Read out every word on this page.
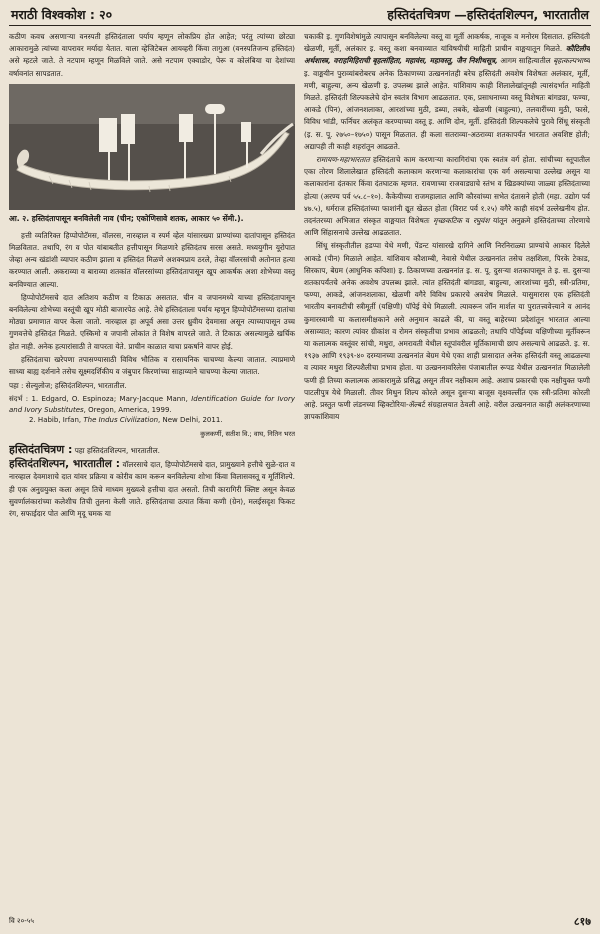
मराठी विश्वकोश : २०	हस्तिदंतचित्रण —हस्तिदंतशिल्पन, भारतातील

कठीण कवच असणाऱ्या वनस्पती हस्तिदंताला पर्याय म्हणून लोकप्रिय होत आहेत; परंतु त्यांच्या छोट्या आकारामुळे त्यांच्या वापरावर मर्यादा येतात. याला व्हेजिटेबल आयव्हरी किंवा तागुआ (वनस्पतिजन्य हस्तिदंत) असे म्हटले जाते. ते नटपाम म्हणून मिळविले जाते. असे नटपाम एक्वाडोर, पेरू व कोलंबिया या देशांच्या वर्षावनांत सापडतात.

आ. २. हस्तिदंतापासून बनविलेली नाव (चीन; एकोणिसावे शतक, आकार ५० सेंमी.).

हत्ती व्यतिरिक्त हिप्पोपोटॅमस, वॉलरस, नारव्हाल व स्पर्म व्हेल यांसारख्या प्राण्यांच्या दातांपासून हस्तिदंत मिळवितात. तथापि, रंग व पोत यांबाबतीत हत्तीपासून मिळणारे हस्तिदंतच सरस असते. मध्ययुगीन यूरोपात जेव्हा अन्य खंडांशी व्यापार कठीण झाला व हस्तिदंत मिळणे अशक्यप्राय ठरले, तेव्हा वॉलरसांची अतोनात हत्या करण्यात आली. अकराव्या व बाराव्या शतकांत वॉलरसांच्या हस्तिदंतापासून खूप आकर्षक अशा शोभेच्या वस्तू बनविण्यात आल्या.

हिप्पोपोटॅमसचे दात अतिशय कठीण व टिकाऊ असतात. चीन व जपानमध्ये याच्या हस्तिदंतापासून बनविलेल्या शोभेच्या वस्तूंची खूप मोठी बाजारपेठ आहे. तेथे हस्तिदंताला पर्याय म्हणून हिप्पोपोटॅमसच्या दातांचा मोठ्या प्रमाणात वापर केला जातो. नारव्हाल हा अपूर्व असा उत्तर ध्रुवीय देवमासा असून त्याच्यापासून उच्च गुणवत्तेचे हस्तिदंत मिळते. एस्किमो व जपानी लोकांत ते विशेष वापरले जाते. ते टिकाऊ असल्यामुळे खर्चिक होत नाही. अनेक हत्यारांसाठी ते वापरता येते. प्राचीन काळात याचा प्रकर्षाने वापर होई.

हस्तिदंताचा खरेपणा तपासण्यासाठी विविध भौतिक व रासायनिक चाचण्या केल्या जातात. त्याप्रमाणे साध्या बाह्य दर्शनाने तसेच सूक्ष्मदर्शिकीय व जंबुपार किरणांच्या साहाय्याने चाचण्या केल्या जातात.

पहा : सेल्युलोज; हस्तिदंतशिल्पन, भारतातील.
संदर्भ : 1. Edgard, O. Espinoza; Mary-Jacque Mann, Identification Guide for Ivory and Ivory Substitutes, Oregon, America, 1999.
2. Habib, Irfan, The Indus Civilization, New Delhi, 2011.
कुलकर्णी, सतीश वि.; वाघ, नितिन भरत

हस्तिदंतचित्रण : पहा हस्तिदंतशिल्पन, भारतातील.

हस्तिदंतशिल्पन, भारतातील : वॉलरसाचे दात, हिप्पोपोटॅमसचे दात, प्रामुख्याने हत्तीचे सुळे-दात व नारव्हाल देवमाशाचे दात यांवर प्रक्रिया व कोरीव काम करून बनविलेल्या शोभा किंवा विलासवस्तू व मूर्तिशिल्पे. ही एक अनुग्रयुक्त कला असून तिचे माध्यम मुख्यत्वे हत्तीचा दात असतो. तिची कारागिरी क्लिष्ट असून केवळ सुवर्णालंकारांच्या कलेशीच तिची तुलना केली जाते. हस्तिदंताचा उत्पात किंवा कणी (ग्रेन), मलईसदृश फिकट रंग, सफाईदार पोत आणि मृदू चमक या

चकाकी इ. गुणविशेषांमुळे त्यापासून बनविलेल्या वस्तू वा मूर्ती आकर्षक, नाजूक व मनोरम दिसतात. हस्तिदंती खेळणी, मूर्ती, अलंकार इ. वस्तू कशा बनवाव्यात यांविषयीची माहिती प्राचीन वाङ्मयातून मिळते. कौटिलीय अर्थशास्त्र, वराहमिहिराची बृहत्संहिता, महावंस, महावस्तू, जैन निशीथसूत्र, आगम साहित्यातील बृहत्कल्पभाष्य इ. वाङ्मयीन पुराव्यांबरोबरच अनेक ठिकाणच्या उत्खननांतही बरेच हस्तिदंती अवशेष विशेषतः अलंकार, मूर्ती, मणी, बाहुल्या, अन्य खेळणी इ. उपलब्ध झाले आहेत. यांशिवाय काही शिलालेखांतूनही त्यासंदर्भात माहिती मिळते. हस्तिदंती शिल्पकलेचे दोन स्वतंत्र विभाग आढळतात. एक, प्रसाधनाच्या वस्तू विशेषतः बांगड्या, फण्या, आकडे (पिन), आंजनशलाका, आरशांच्या मुठी, डब्या, तबके, खेळणी (बाहुल्या), तलवारींच्या मुठी, फासे, विविध भांडी, फर्निचर अलंकृत करण्याच्या वस्तू इ. आणि दोन, मूर्ती. हस्तिदंती शिल्पकलेचे पुरावे सिंधू संस्कृती (इ. स. पू. २७५०–१७५०) पासून मिळतात. ही कला सतराव्या-अठराव्या शतकापर्यंत भारतात अवशिष्ट होती; अद्यापही ती काही शहरांतून आढळते.

रामायण-महाभारतात हस्तिदंताचे काम करणाऱ्या कारागिरांचा एक स्वतंत्र वर्ग होता. सांचीच्या स्तूपातील एका तोरण शिलालेखात हस्तिदंती कलाकाम करणाऱ्या कलाकारांचा एक वर्ग असल्याचा उल्लेख असून या कलाकारांना दंतकार किंवा दंतघाटक म्हणत. रावणाच्या राजवाड्याचे स्तंभ व खिडक्यांच्या जाळ्या हस्तिदंताच्या होत्या (अरण्य पर्व ५५.८–१०). कैकेयीच्या राजमहालात आणि कौरवांच्या सभेत दंतासने होती (महा. उद्योग पर्व ४७.५), धर्मराज हस्तिदंतांच्या फाशांनी द्यूत खेळत होता (विराट पर्व १.२५) वगैरे काही संदर्भ उल्लेखनीय होत. तदनंतरच्या अभिजात संस्कृत वाङ्मयात विशेषतः मृच्छकटिक व रघुवंश यांतून अनुक्रमे हस्तिदंताच्या तोरणाचे आणि सिंहासनाचे उल्लेख आढळतात.

सिंधू संस्कृतीतील हडप्पा येथे मणी, पेंडन्ट यांसारखे दागिने आणि निरनिराळ्या प्राण्यांचे आकार दिलेले आकडे (पीन) मिळाले आहेत. यांशिवाय कौशाम्बी, नेवासे येथील उत्खननांत तसेच तक्षशिला, पिरके टेकाड, सिरकाप, बेग्रम (आधुनिक कपिशा) इ. ठिकाणच्या उत्खननांत इ. स. पू. दुसऱ्या शतकापासून ते इ. स. दुसऱ्या शतकापर्यंतचे अनेक अवशेष उपलब्ध झाले. त्यांत हस्तिदंती बांगड्या, बाहुल्या, आरशांच्या मुठी, स्त्री-प्रतिमा, फण्या, आकडे, आंजनशलाका, खेळणी वगैरे विविध प्रकारचे अवशेष मिळाले. यासुमारास एक हस्तिदंती भारतीय बनावटीची स्त्रीमूर्ती (यक्षिणी) पॉपेई येथे मिळाली. त्यावरून जॉन मार्शल या पुरातत्त्ववेत्त्याने व आनंद कुमारस्वामी या कलासमीक्षकाने असे अनुमान काढले की, या वस्तू बाहेरच्या प्रदेशांतून भारतात आल्या असाव्यात; कारण त्यांवर ग्रीकांश व रोमन संस्कृतीचा प्रभाव आढळतो; तथापि पॉपेईच्या यक्षिणीच्या मूर्तीवरून या कलात्मक वस्तूंवर सांची, मथुरा, अमरावती येथील स्तूपांवरील मूर्तिकामाची छाप असल्याचे आढळते. इ. स. १९३७ आणि १९३९-४० दरम्यानच्या उत्खननांत बेग्रम येथे एका शाही प्रासादात अनेक हस्तिदंती वस्तू आढळल्या व त्यावर मथुरा शिल्पशैलीचा प्रभाव होता. या उत्खननावरिलेस पंजाबातील रूपड येथील उत्खननांत मिळालेली फणी ही तिच्या कलात्मक आकारामुळे प्रसिद्ध असून तीवर नक्षीकाम आहे. अशाच प्रकारची एक नक्षीयुक्त फणी पाटलीपुत्र येथे मिळाली. तीवर मिथुन शिल्प कोरले असून दुसऱ्या बाजूस वृक्षवल्लींत एक स्त्री-प्रतिमा कोरली आहे. प्रस्तुत फणी लंडनच्या व्हिक्टोरिया-ॲल्बर्ट संग्रहालयात ठेवली आहे. वरील उत्खननात काही अलंकरणाच्या ज्ञापकांशिवाय

वि २०-५५	८१७
